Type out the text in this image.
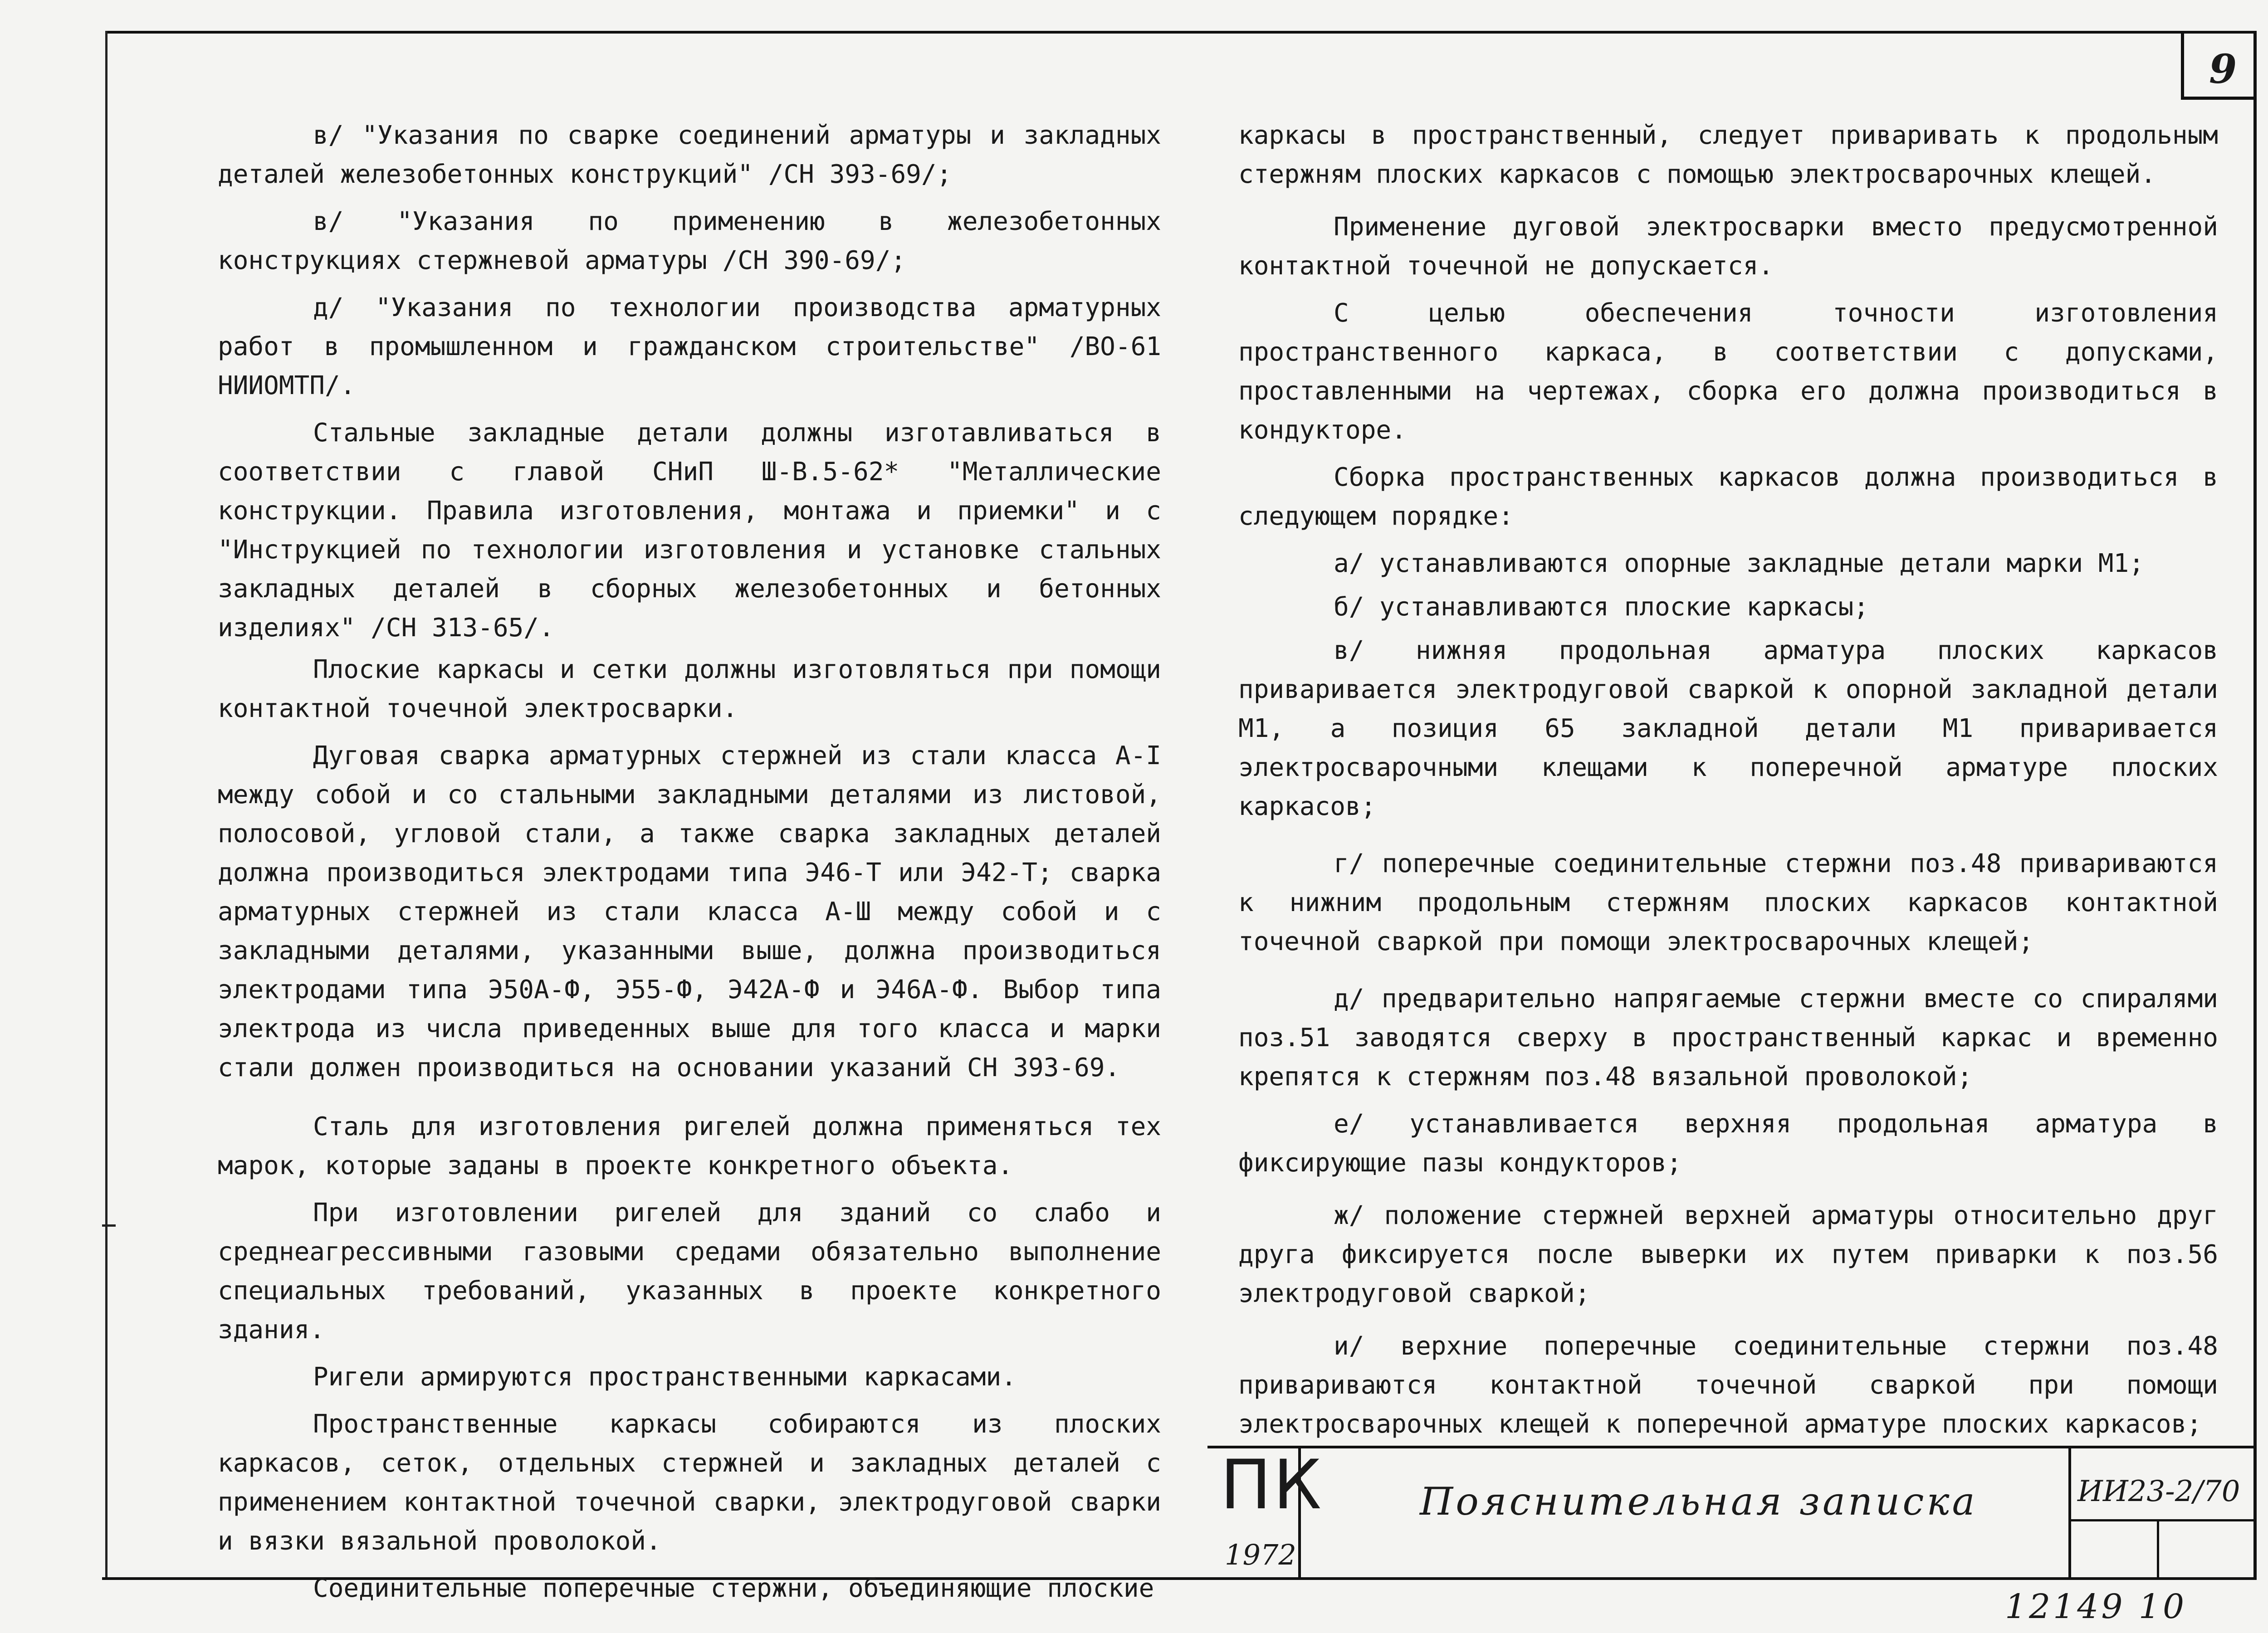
9

в/ "Указания по сварке соединений арматуры и закладных деталей железобетонных конструкций" /СН 393-69/;

в/ "Указания по применению в железобетонных конструкциях стержневой арматуры /СН 390-69/;

д/ "Указания по технологии производства арматурных работ в промышленном и гражданском строительстве" /ВО-61 НИИОМТП/.

Стальные закладные детали должны изготавливаться в соответствии с главой СНиП Ш-В.5-62* "Металлические конструкции. Правила изготовления, монтажа и приемки" и с "Инструкцией по технологии изготовления и установке стальных закладных деталей в сборных железобетонных и бетонных изделиях" /СН 313-65/.

Плоские каркасы и сетки должны изготовляться при помощи контактной точечной электросварки.

Дуговая сварка арматурных стержней из стали класса А-I между собой и со стальными закладными деталями из листовой, полосовой, угловой стали, а также сварка закладных деталей должна производиться электродами типа Э46-Т или Э42-Т; сварка арматурных стержней из стали класса А-Ш между собой и с закладными деталями, указанными выше, должна производиться электродами типа Э50А-Ф, Э55-Ф, Э42А-Ф и Э46А-Ф. Выбор типа электрода из числа приведенных выше для того класса и марки стали должен производиться на основании указаний СН 393-69.

Сталь для изготовления ригелей должна применяться тех марок, которые заданы в проекте конкретного объекта.

При изготовлении ригелей для зданий со слабо и среднеагрессивными газовыми средами обязательно выполнение специальных требований, указанных в проекте конкретного здания.

Ригели армируются пространственными каркасами.

Пространственные каркасы собираются из плоских каркасов, сеток, отдельных стержней и закладных деталей с применением контактной точечной сварки, электродуговой сварки и вязки вязальной проволокой.

Соединительные поперечные стержни, объединяющие плоские

каркасы в пространственный, следует приваривать к продольным стержням плоских каркасов с помощью электросварочных клещей.

Применение дуговой электросварки вместо предусмотренной контактной точечной не допускается.

С целью обеспечения точности изготовления пространственного каркаса, в соответствии с допусками, проставленными на чертежах, сборка его должна производиться в кондукторе.

Сборка пространственных каркасов должна производиться в следующем порядке:

а/ устанавливаются опорные закладные детали марки М1;

б/ устанавливаются плоские каркасы;

в/ нижняя продольная арматура плоских каркасов приваривается электродуговой сваркой к опорной закладной детали М1, а позиция 65 закладной детали М1 приваривается электросварочными клещами к поперечной арматуре плоских каркасов;

г/ поперечные соединительные стержни поз.48 привариваются к нижним продольным стержням плоских каркасов контактной точечной сваркой при помощи электросварочных клещей;

д/ предварительно напрягаемые стержни вместе со спиралями поз.51 заводятся сверху в пространственный каркас и временно крепятся к стержням поз.48 вязальной проволокой;

е/ устанавливается верхняя продольная арматура в фиксирующие пазы кондукторов;

ж/ положение стержней верхней арматуры относительно друг друга фиксируется после выверки их путем приварки к поз.56 электродуговой сваркой;

и/ верхние поперечные соединительные стержни поз.48 привариваются контактной точечной сваркой при помощи электросварочных клещей к поперечной арматуре плоских каркасов;

ПК
1972
Пояснительная записка	ИИ23-2/70
12149 10
